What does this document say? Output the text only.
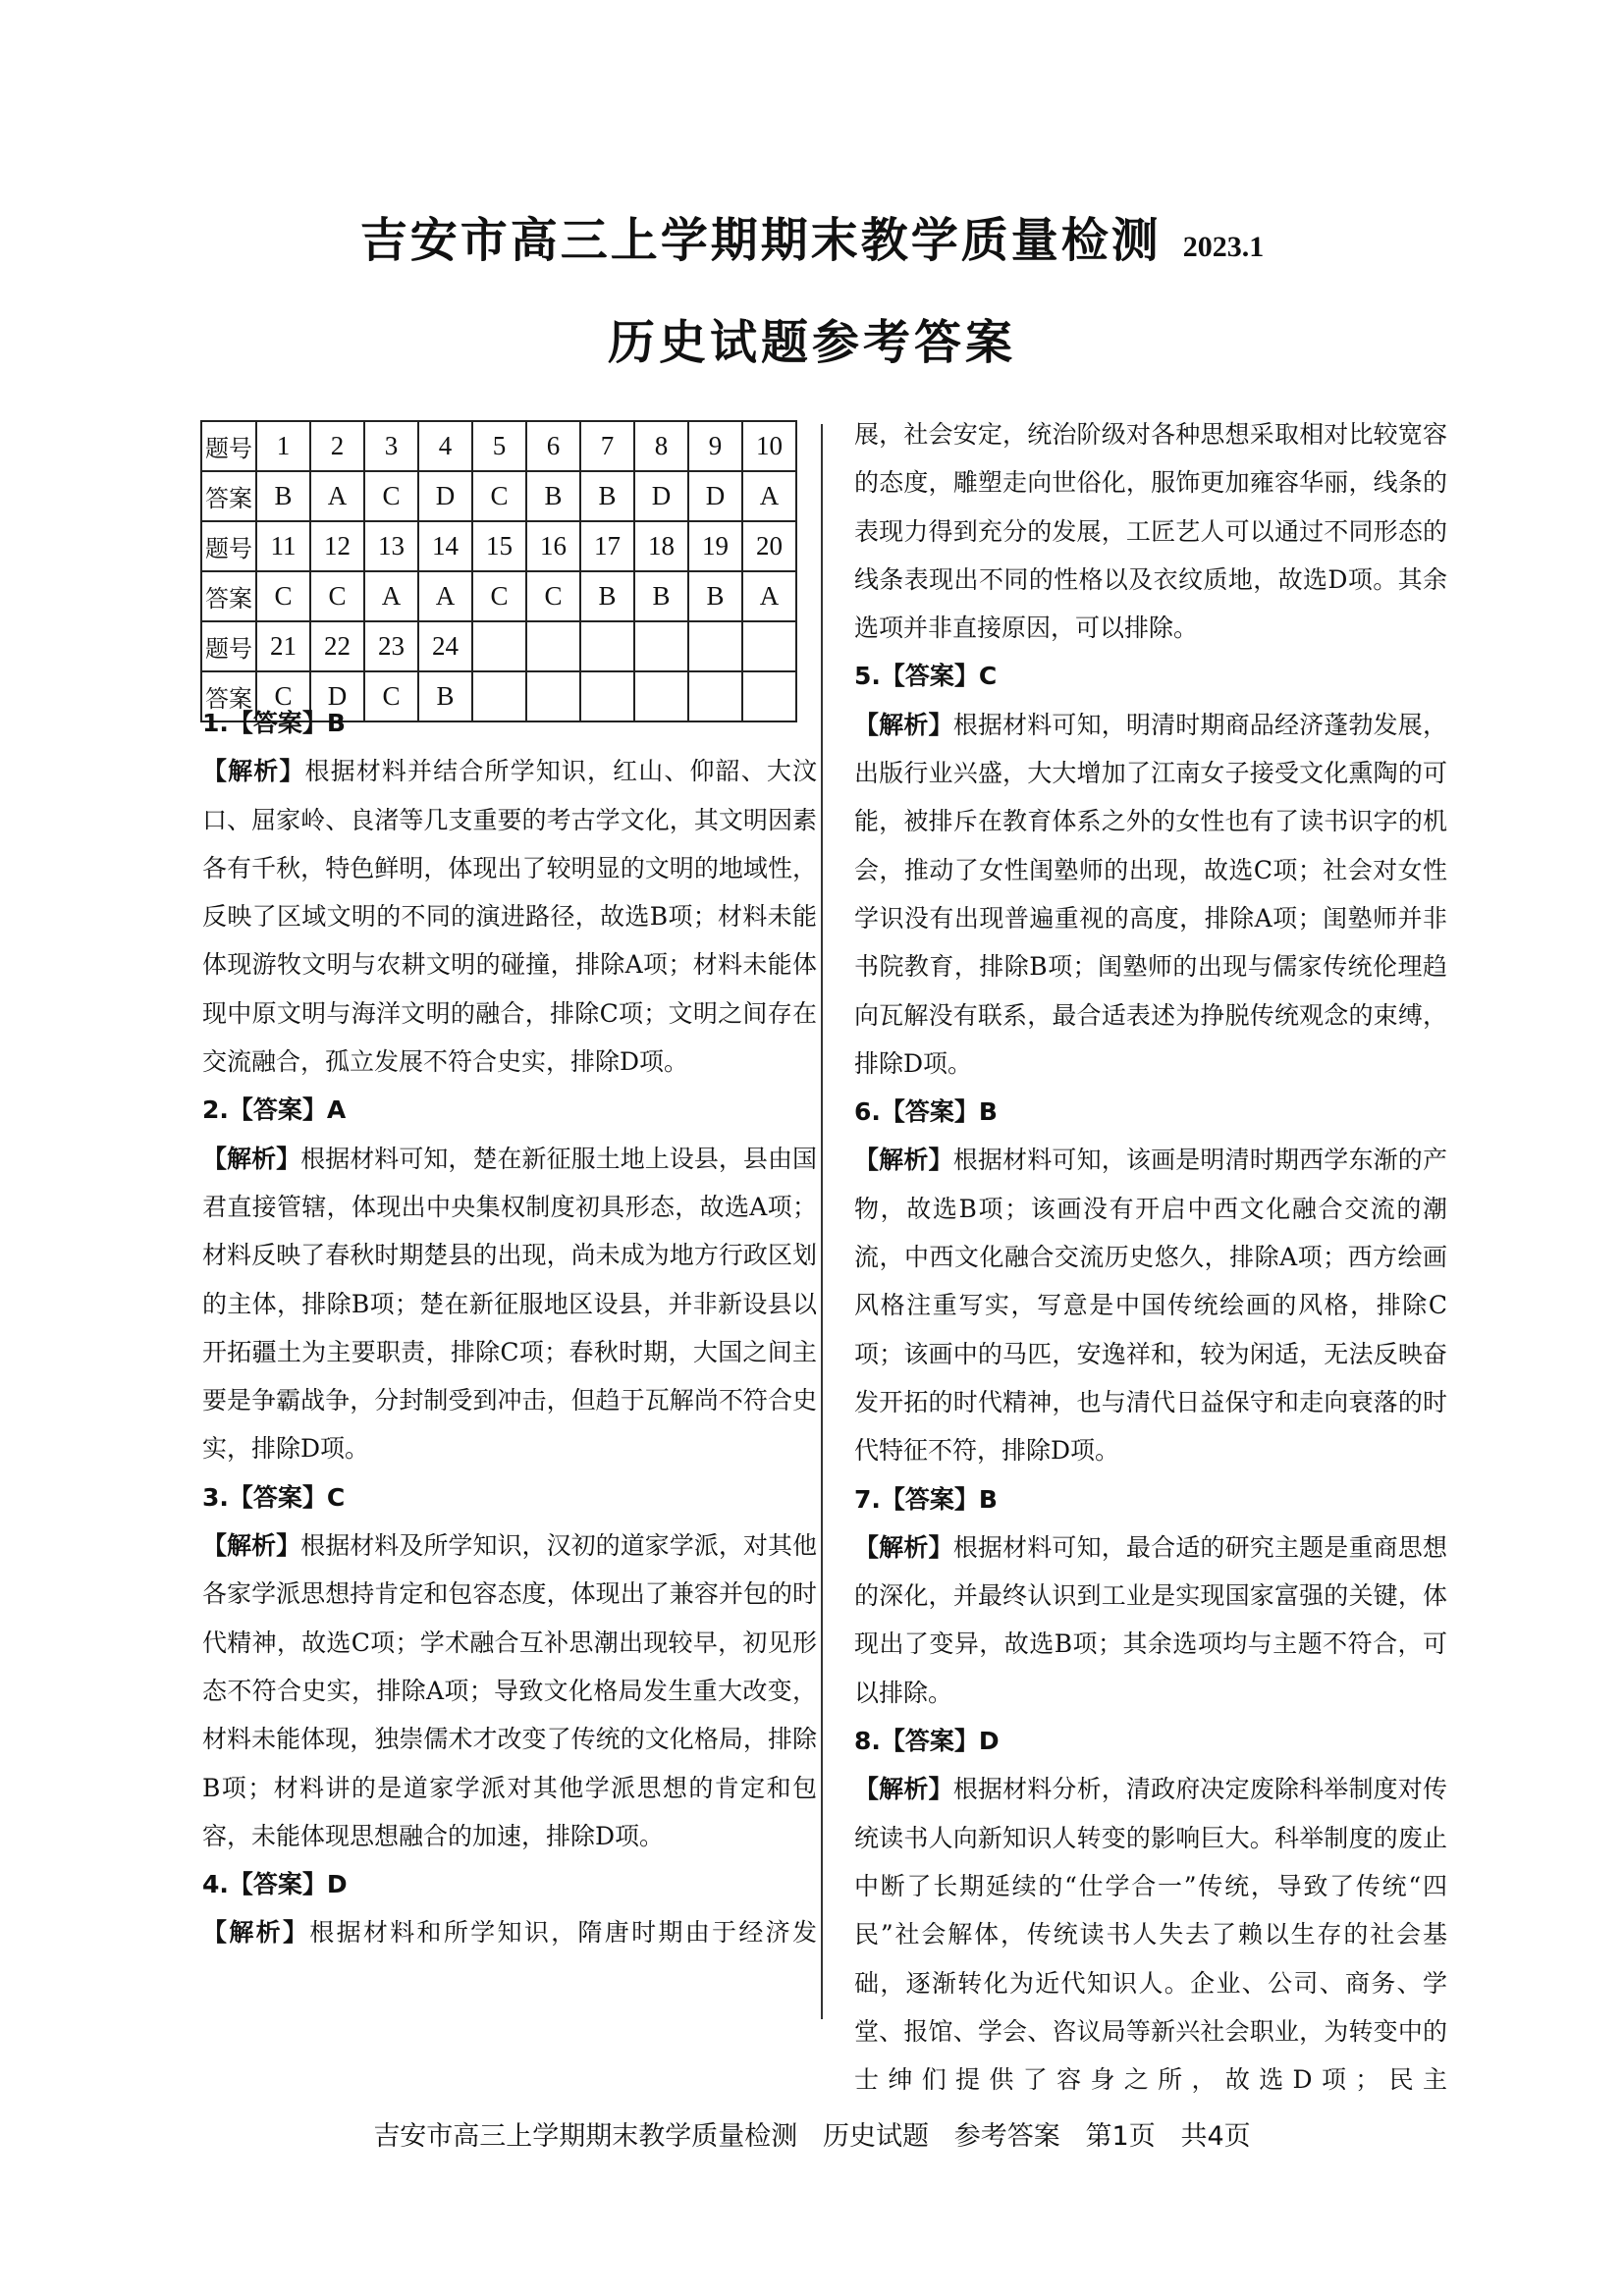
吉安市高三上学期期末教学质量检测 2023.1
历史试题参考答案
题号	1	2	3	4	5	6	7	8	9	10
答案	B	A	C	D	C	B	B	D	D	A
题号	11	12	13	14	15	16	17	18	19	20
答案	C	C	A	A	C	C	B	B	B	A
题号	21	22	23	24						
答案	C	D	C	B						
1.【答案】B
【解析】根据材料并结合所学知识，红山、仰韶、大汶口、屈家岭、良渚等几支重要的考古学文化，其文明因素各有千秋，特色鲜明，体现出了较明显的文明的地域性，反映了区域文明的不同的演进路径，故选B项；材料未能体现游牧文明与农耕文明的碰撞，排除A项；材料未能体现中原文明与海洋文明的融合，排除C项；文明之间存在交流融合，孤立发展不符合史实，排除D项。
2.【答案】A
【解析】根据材料可知，楚在新征服土地上设县，县由国君直接管辖，体现出中央集权制度初具形态，故选A项；材料反映了春秋时期楚县的出现，尚未成为地方行政区划的主体，排除B项；楚在新征服地区设县，并非新设县以开拓疆土为主要职责，排除C项；春秋时期，大国之间主要是争霸战争，分封制受到冲击，但趋于瓦解尚不符合史实，排除D项。
3.【答案】C
【解析】根据材料及所学知识，汉初的道家学派，对其他各家学派思想持肯定和包容态度，体现出了兼容并包的时代精神，故选C项；学术融合互补思潮出现较早，初见形态不符合史实，排除A项；导致文化格局发生重大改变，材料未能体现，独崇儒术才改变了传统的文化格局，排除B项；材料讲的是道家学派对其他学派思想的肯定和包容，未能体现思想融合的加速，排除D项。
4.【答案】D
【解析】根据材料和所学知识，隋唐时期由于经济发
展，社会安定，统治阶级对各种思想采取相对比较宽容的态度，雕塑走向世俗化，服饰更加雍容华丽，线条的表现力得到充分的发展，工匠艺人可以通过不同形态的线条表现出不同的性格以及衣纹质地，故选D项。其余选项并非直接原因，可以排除。
5.【答案】C
【解析】根据材料可知，明清时期商品经济蓬勃发展，出版行业兴盛，大大增加了江南女子接受文化熏陶的可能，被排斥在教育体系之外的女性也有了读书识字的机会，推动了女性闺塾师的出现，故选C项；社会对女性学识没有出现普遍重视的高度，排除A项；闺塾师并非书院教育，排除B项；闺塾师的出现与儒家传统伦理趋向瓦解没有联系，最合适表述为挣脱传统观念的束缚，排除D项。
6.【答案】B
【解析】根据材料可知，该画是明清时期西学东渐的产物，故选B项；该画没有开启中西文化融合交流的潮流，中西文化融合交流历史悠久，排除A项；西方绘画风格注重写实，写意是中国传统绘画的风格，排除C项；该画中的马匹，安逸祥和，较为闲适，无法反映奋发开拓的时代精神，也与清代日益保守和走向衰落的时代特征不符，排除D项。
7.【答案】B
【解析】根据材料可知，最合适的研究主题是重商思想的深化，并最终认识到工业是实现国家富强的关键，体现出了变异，故选B项；其余选项均与主题不符合，可以排除。
8.【答案】D
【解析】根据材料分析，清政府决定废除科举制度对传统读书人向新知识人转变的影响巨大。科举制度的废止中断了长期延续的“仕学合一”传统，导致了传统“四民”社会解体，传统读书人失去了赖以生存的社会基础，逐渐转化为近代知识人。企业、公司、商务、学堂、报馆、学会、咨议局等新兴社会职业，为转变中的士绅们提供了容身之所，故选D项；民主
吉安市高三上学期期末教学质量检测   历史试题   参考答案   第1页   共4页
